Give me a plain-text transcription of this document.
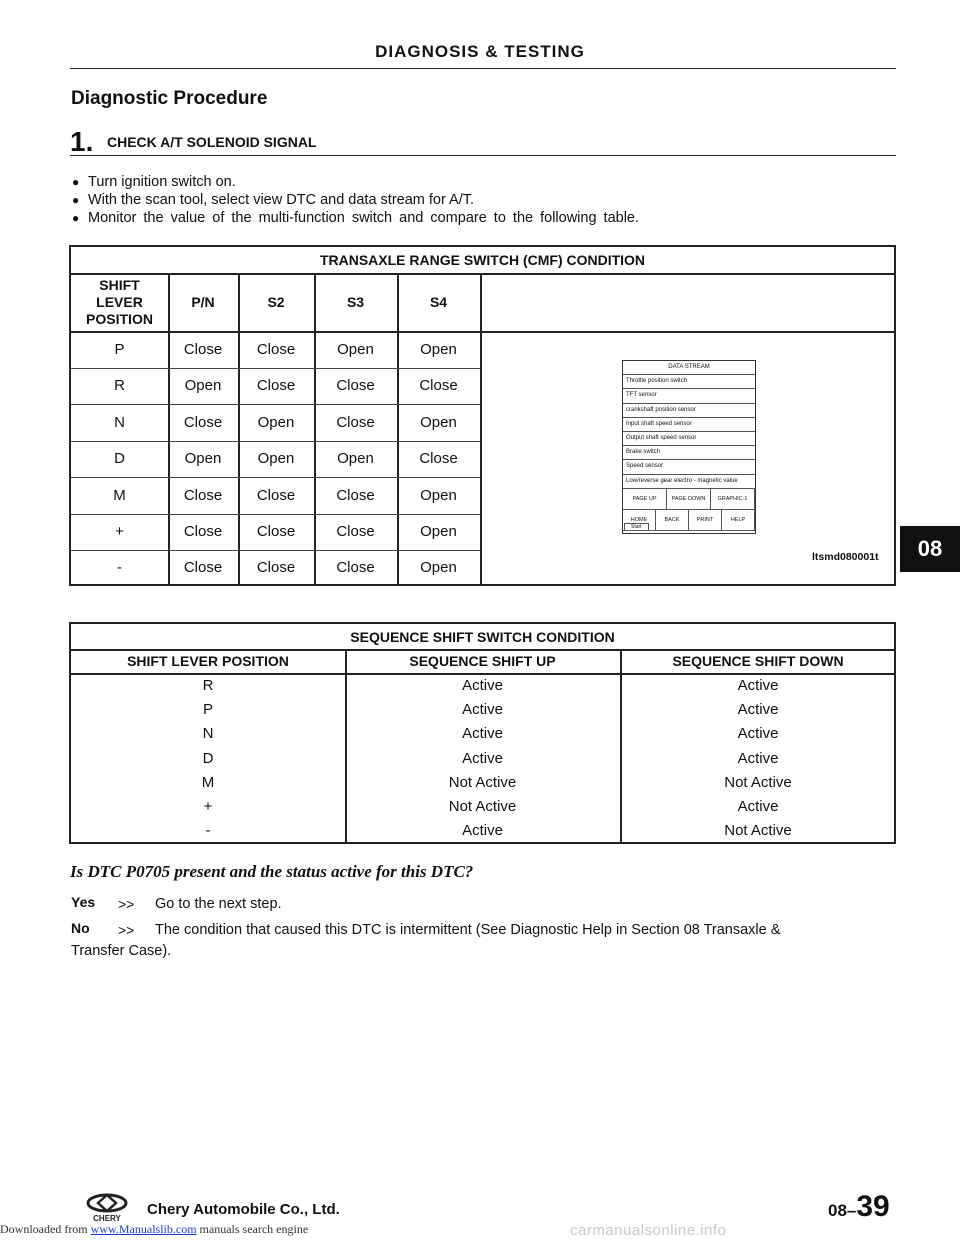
DIAGNOSIS & TESTING
Diagnostic Procedure
1. CHECK A/T SOLENOID SIGNAL
● Turn ignition switch on.
● With the scan tool, select view DTC and data stream for A/T.
● Monitor the value of the multi-function switch and compare to the following table.
TRANSAXLE RANGE SWITCH (CMF) CONDITION
SHIFT
LEVER
POSITION
P/N	S2	S3	S4
P	Close	Close	Open	Open
R	Open	Close	Close	Close
N	Close	Open	Close	Open
D	Open	Open	Open	Close
M	Close	Close	Close	Open
+	Close	Close	Close	Open
-	Close	Close	Close	Open
DATA STREAM
Throttle position switch
TFT sensor
crankshaft position sensor
Input shaft speed sensor
Output shaft speed sensor
Brake switch
Speed sensor
Low/reverse gear electro - magnetic value
PAGE UP	PAGE DOWN	GRAPHIC-1
HOME	BACK	PRINT	HELP
Start
ltsmd080001t
SEQUENCE SHIFT SWITCH CONDITION
SHIFT LEVER POSITION	SEQUENCE SHIFT UP	SEQUENCE SHIFT DOWN
R	Active	Active
P	Active	Active
N	Active	Active
D	Active	Active
M	Not Active	Not Active
+	Not Active	Active
-	Active	Not Active
Is DTC P0705 present and the status active for this DTC?
Yes >> Go to the next step.
No >> The condition that caused this DTC is intermittent (See Diagnostic Help in Section 08 Transaxle &
Transfer Case).
08
CHERY
Chery Automobile Co., Ltd.	08–39
Downloaded from www.Manualslib.com manuals search engine	carmanualsonline.info
